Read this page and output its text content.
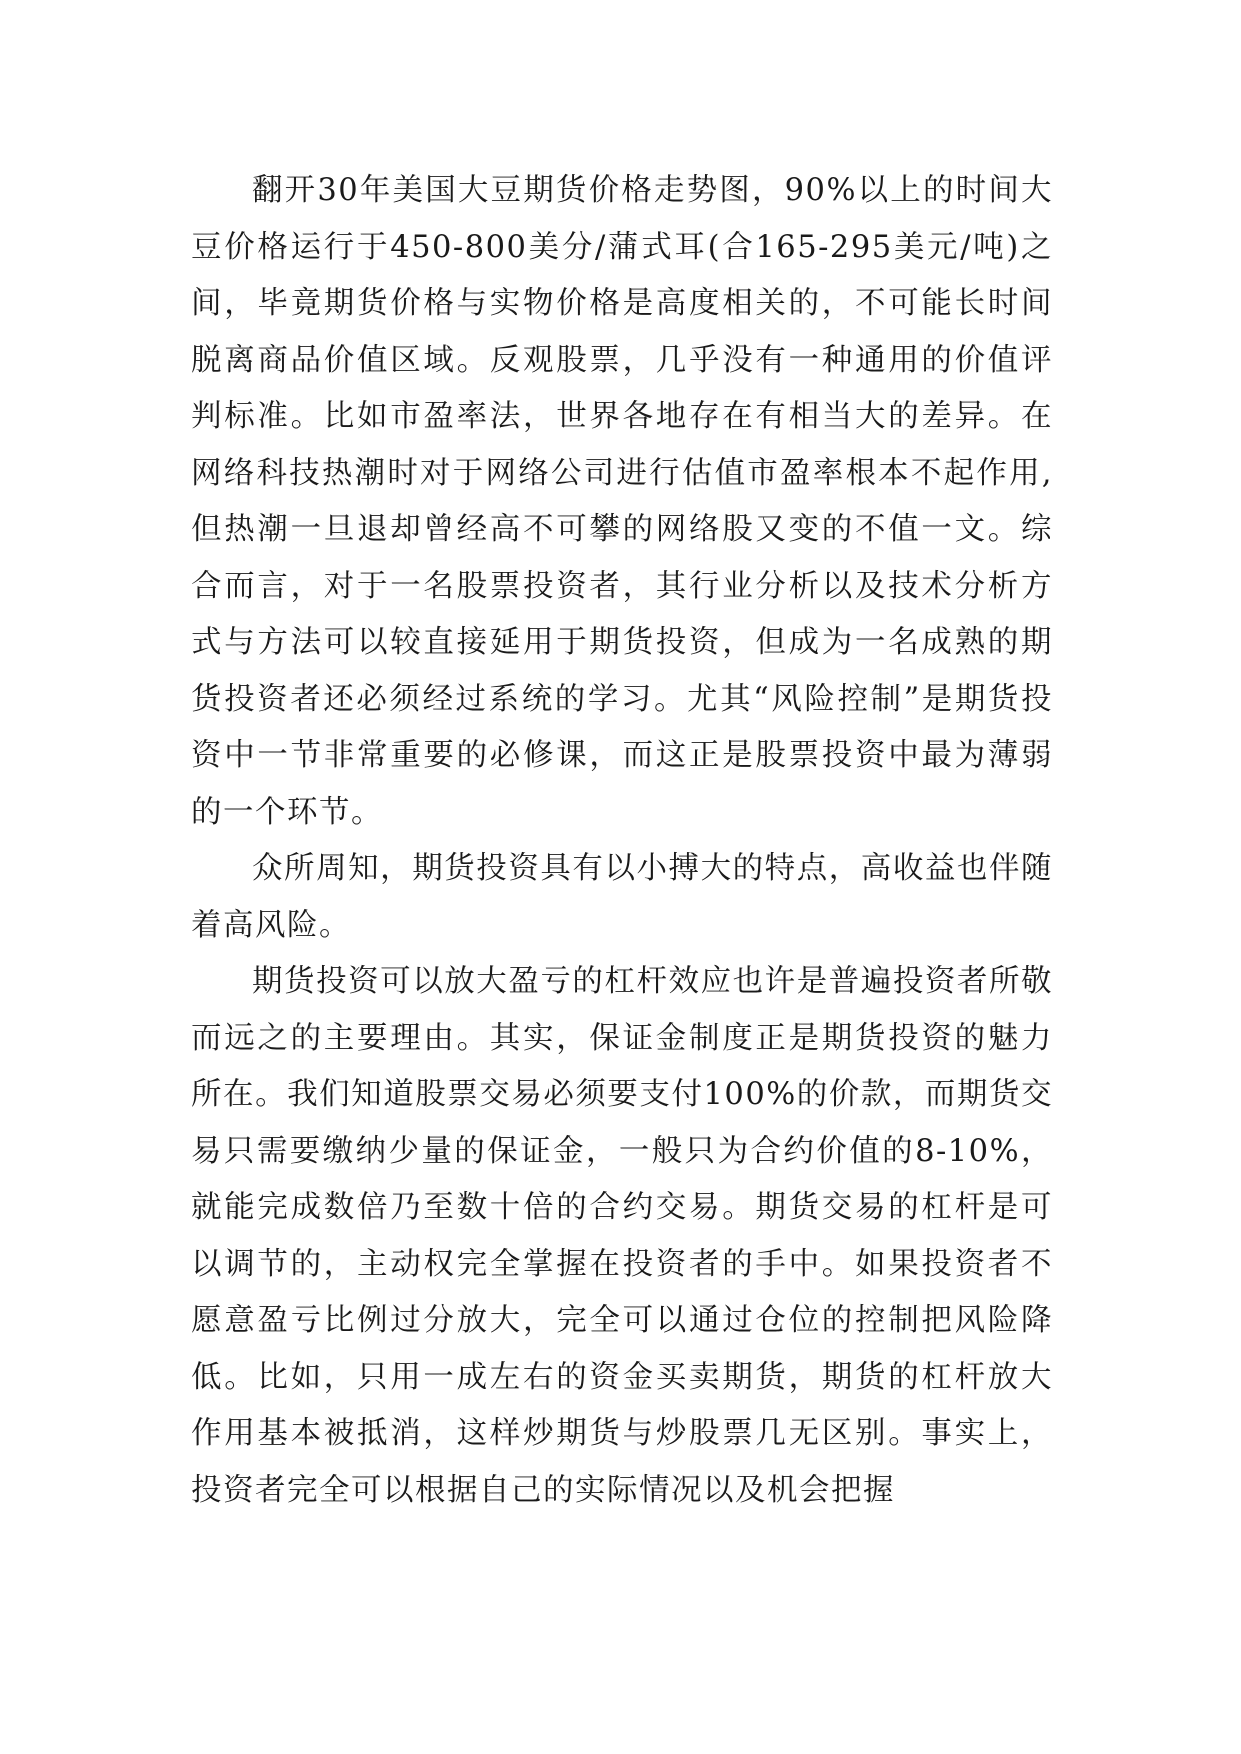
翻开30年美国大豆期货价格走势图，90%以上的时间大豆价格运行于450-800美分/蒲式耳(合165-295美元/吨)之间，毕竟期货价格与实物价格是高度相关的，不可能长时间脱离商品价值区域。反观股票，几乎没有一种通用的价值评判标准。比如市盈率法，世界各地存在有相当大的差异。在网络科技热潮时对于网络公司进行估值市盈率根本不起作用,但热潮一旦退却曾经高不可攀的网络股又变的不值一文。综合而言，对于一名股票投资者，其行业分析以及技术分析方式与方法可以较直接延用于期货投资，但成为一名成熟的期货投资者还必须经过系统的学习。尤其“风险控制”是期货投资中一节非常重要的必修课，而这正是股票投资中最为薄弱的一个环节。

众所周知，期货投资具有以小搏大的特点，高收益也伴随着高风险。

期货投资可以放大盈亏的杠杆效应也许是普遍投资者所敬而远之的主要理由。其实，保证金制度正是期货投资的魅力所在。我们知道股票交易必须要支付100%的价款，而期货交易只需要缴纳少量的保证金，一般只为合约价值的8-10%，就能完成数倍乃至数十倍的合约交易。期货交易的杠杆是可以调节的，主动权完全掌握在投资者的手中。如果投资者不愿意盈亏比例过分放大，完全可以通过仓位的控制把风险降低。比如，只用一成左右的资金买卖期货，期货的杠杆放大作用基本被抵消，这样炒期货与炒股票几无区别。事实上，投资者完全可以根据自己的实际情况以及机会把握
